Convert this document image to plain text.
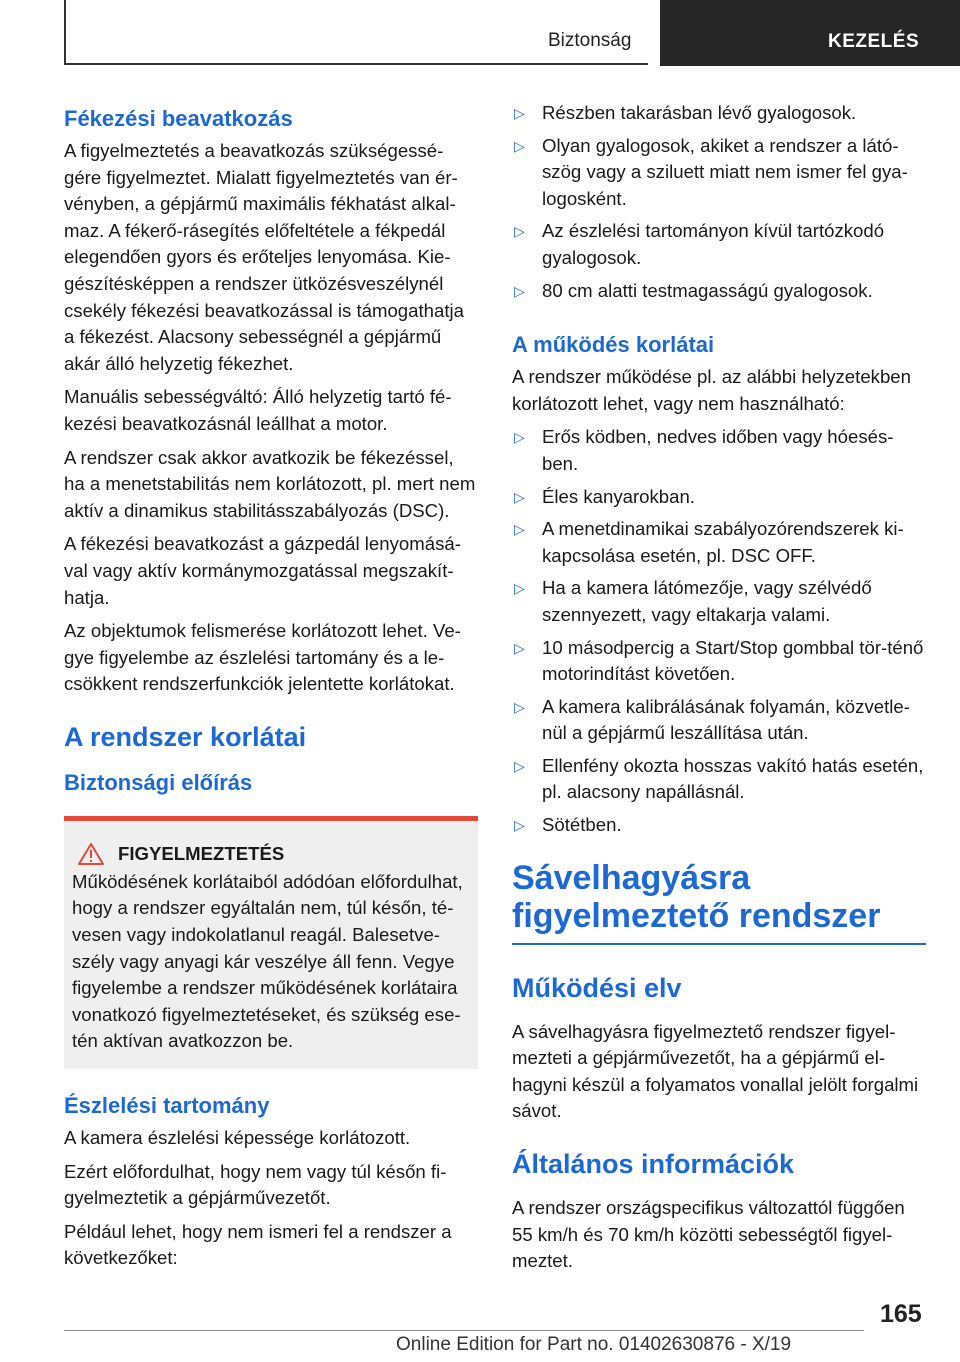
Biztonság	KEZELÉS
Fékezési beavatkozás

A figyelmeztetés a beavatkozás szükségessé-gére figyelmeztet. Mialatt figyelmeztetés van ér-vényben, a gépjármű maximális fékhatást alkal-maz. A fékerő-rásegítés előfeltétele a fékpedál elegendően gyors és erőteljes lenyomása. Kie-gészítésképpen a rendszer ütközésveszélynél csekély fékezési beavatkozással is támogathatja a fékezést. Alacsony sebességnél a gépjármű akár álló helyzetig fékezhet.

Manuális sebességváltó: Álló helyzetig tartó fé-kezési beavatkozásnál leállhat a motor.

A rendszer csak akkor avatkozik be fékezéssel, ha a menetstabilitás nem korlátozott, pl. mert nem aktív a dinamikus stabilitásszabályozás (DSC).

A fékezési beavatkozást a gázpedál lenyomásá-val vagy aktív kormánymozgatással megszakít-hatja.

Az objektumok felismerése korlátozott lehet. Ve-gye figyelembe az észlelési tartomány és a le-csökkent rendszerfunkciók jelentette korlátokat.

A rendszer korlátai
Biztonsági előírás
FIGYELMEZTETÉS

Működésének korlátaiból adódóan előfordulhat, hogy a rendszer egyáltalán nem, túl későn, té-vesen vagy indokolatlanul reagál. Balesetve-szély vagy anyagi kár veszélye áll fenn. Vegye figyelembe a rendszer működésének korlátaira vonatkozó figyelmeztetéseket, és szükség ese-tén aktívan avatkozzon be.

Észlelési tartomány

A kamera észlelési képessége korlátozott.

Ezért előfordulhat, hogy nem vagy túl későn fi-gyelmeztetik a gépjárművezetőt.

Például lehet, hogy nem ismeri fel a rendszer a következőket:

▷ Részben takarásban lévő gyalogosok.
▷ Olyan gyalogosok, akiket a rendszer a látó-szög vagy a sziluett miatt nem ismer fel gya-logosként.
▷ Az észlelési tartományon kívül tartózkodó gyalogosok.
▷ 80 cm alatti testmagasságú gyalogosok.
A működés korlátai

A rendszer működése pl. az alábbi helyzetekben korlátozott lehet, vagy nem használható:

▷ Erős ködben, nedves időben vagy hóesés-ben.
▷ Éles kanyarokban.
▷ A menetdinamikai szabályozórendszerek ki-kapcsolása esetén, pl. DSC OFF.
▷ Ha a kamera látómezője, vagy szélvédő szennyezett, vagy eltakarja valami.
▷ 10 másodpercig a Start/Stop gombbal tör-ténő motorindítást követően.
▷ A kamera kalibrálásának folyamán, közvetle-nül a gépjármű leszállítása után.
▷ Ellenfény okozta hosszas vakító hatás esetén, pl. alacsony napállásnál.
▷ Sötétben.
Sávelhagyásra
figyelmeztető rendszer
Működési elv

A sávelhagyásra figyelmeztető rendszer figyel-mezteti a gépjárművezetőt, ha a gépjármű el-hagyni készül a folyamatos vonallal jelölt forgalmi sávot.

Általános információk

A rendszer országspecifikus változattól függően 55 km/h és 70 km/h közötti sebességtől figyel-meztet.

165
Online Edition for Part no. 01402630876 - X/19
